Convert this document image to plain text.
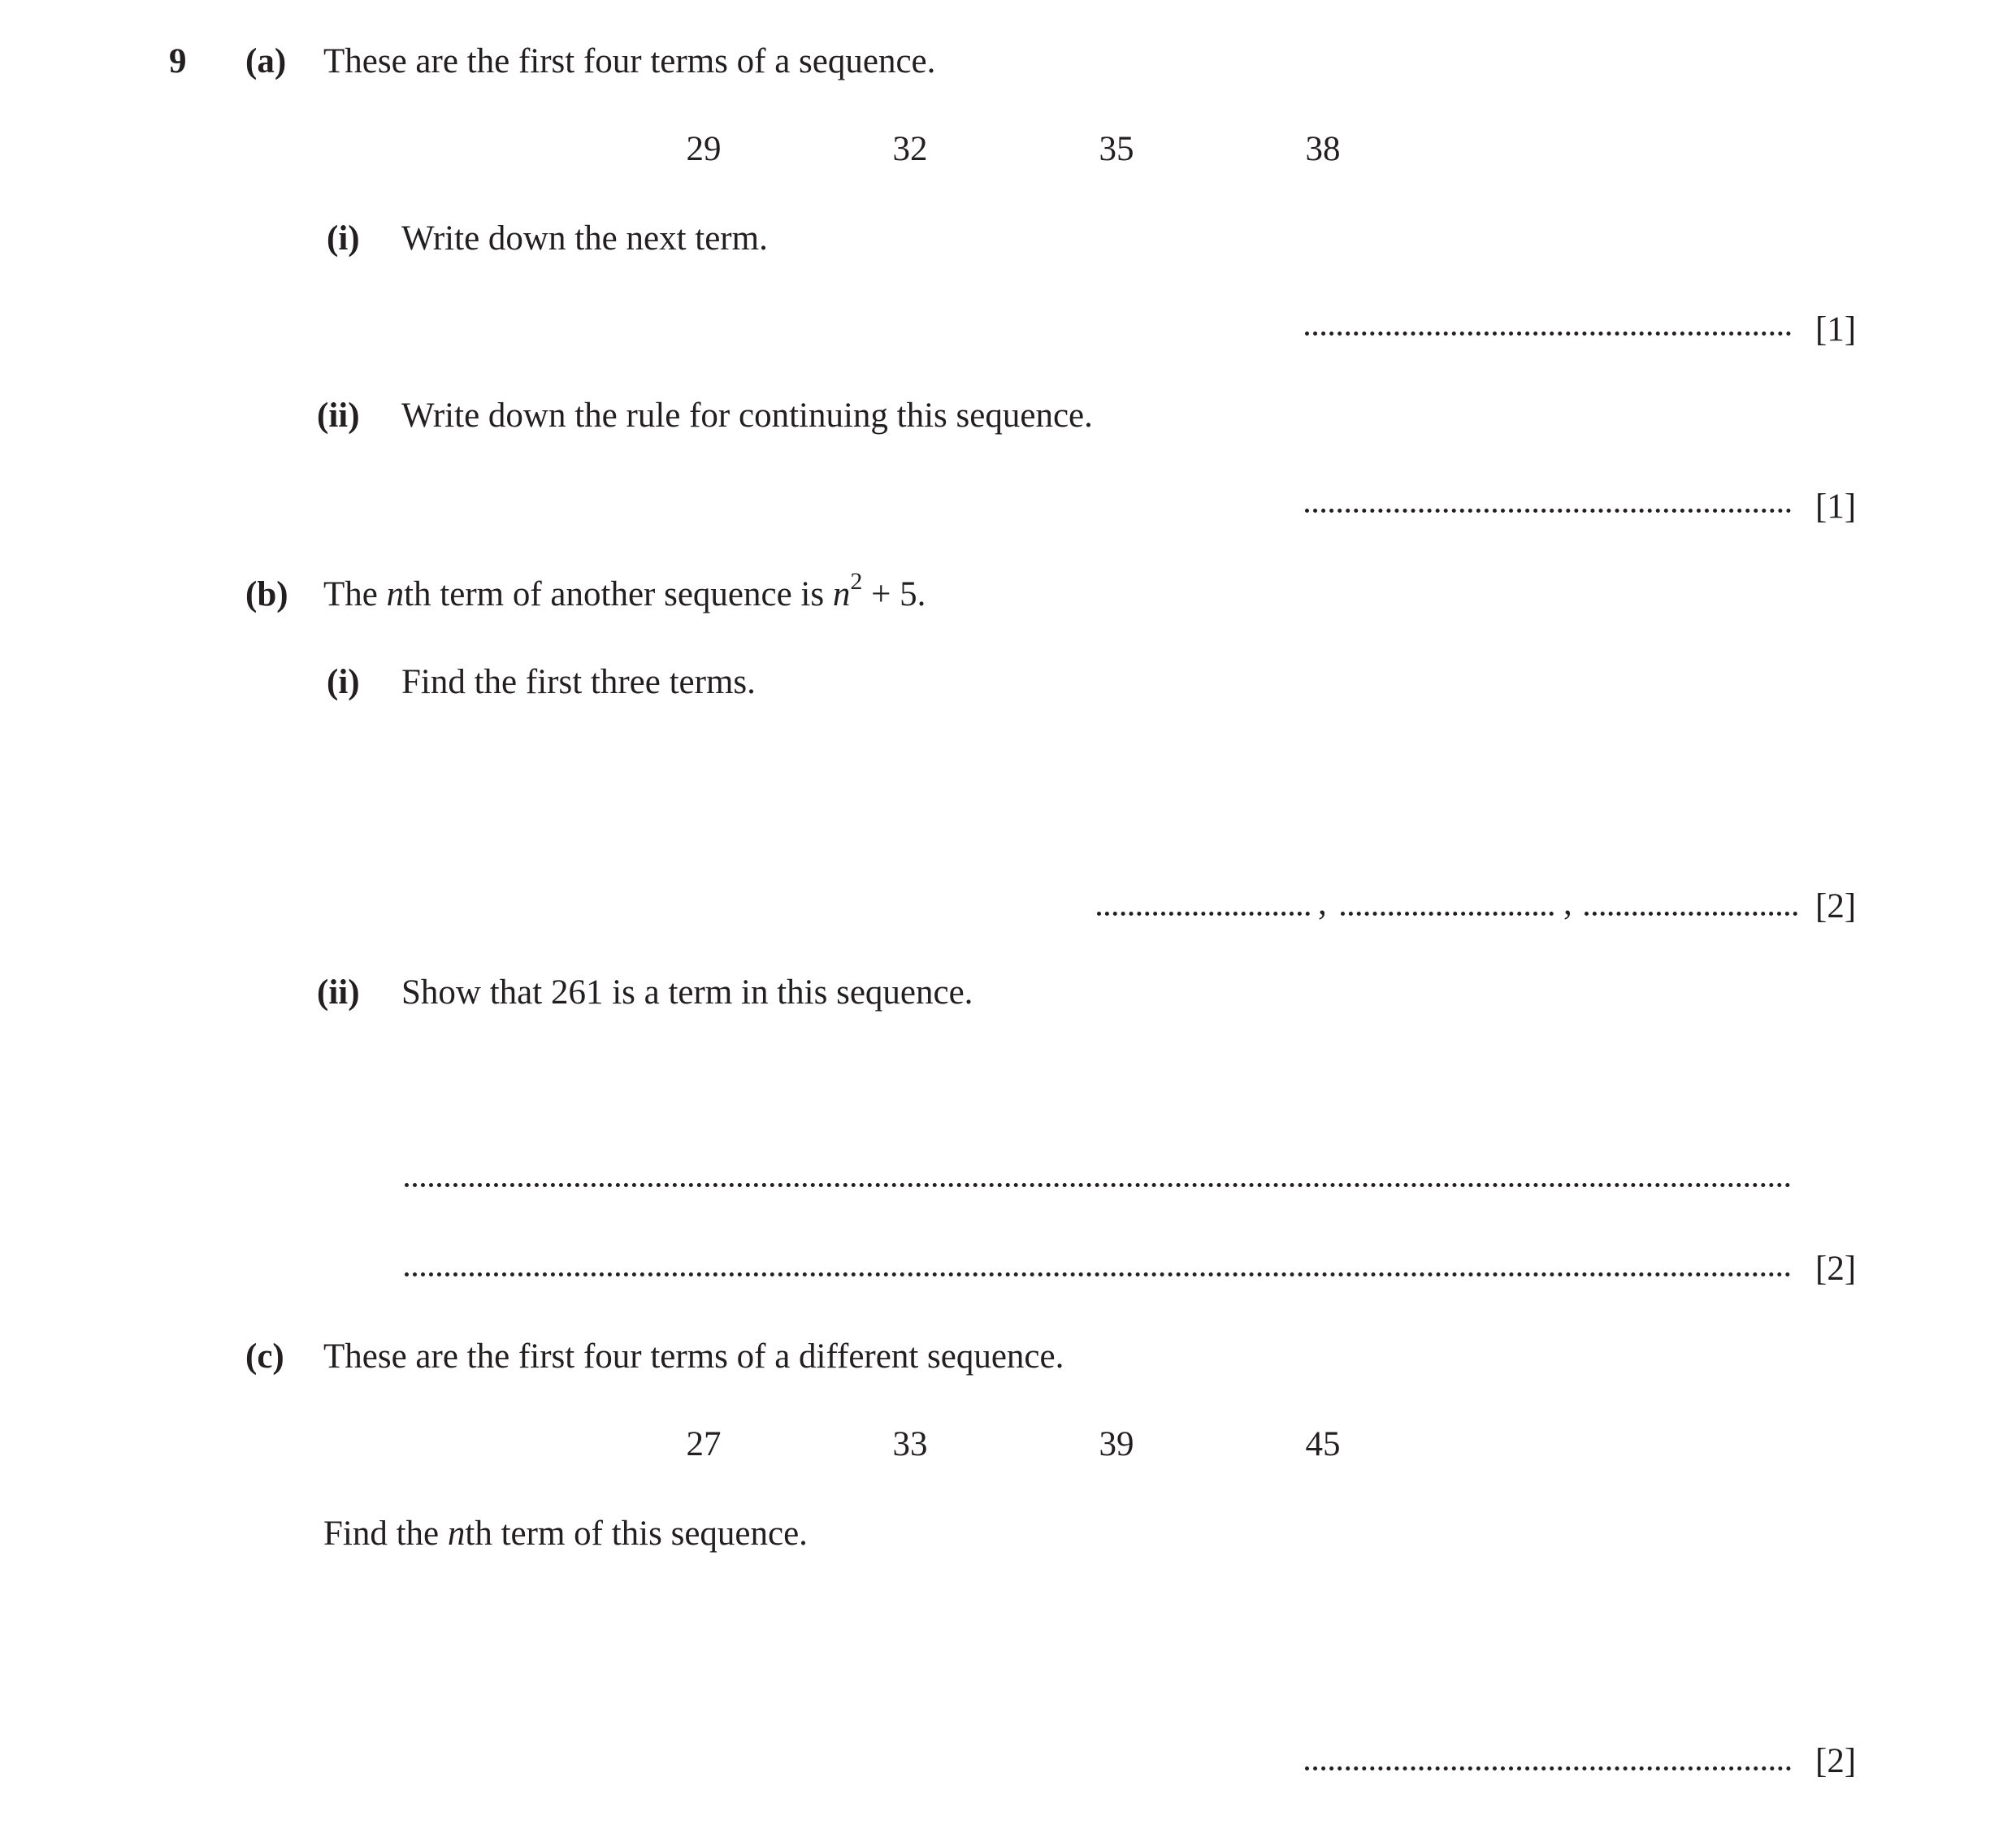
9 (a) These are the first four terms of a sequence.
29	32	35	38
(i) Write down the next term.
[1]
(ii) Write down the rule for continuing this sequence.
[1]
(b) The nth term of another sequence is $n^2 + 5$.
(i) Find the first three terms.
,	,	[2]
(ii) Show that 261 is a term in this sequence.
[2]
(c) These are the first four terms of a different sequence.
27	33	39	45
Find the nth term of this sequence.
[2]
